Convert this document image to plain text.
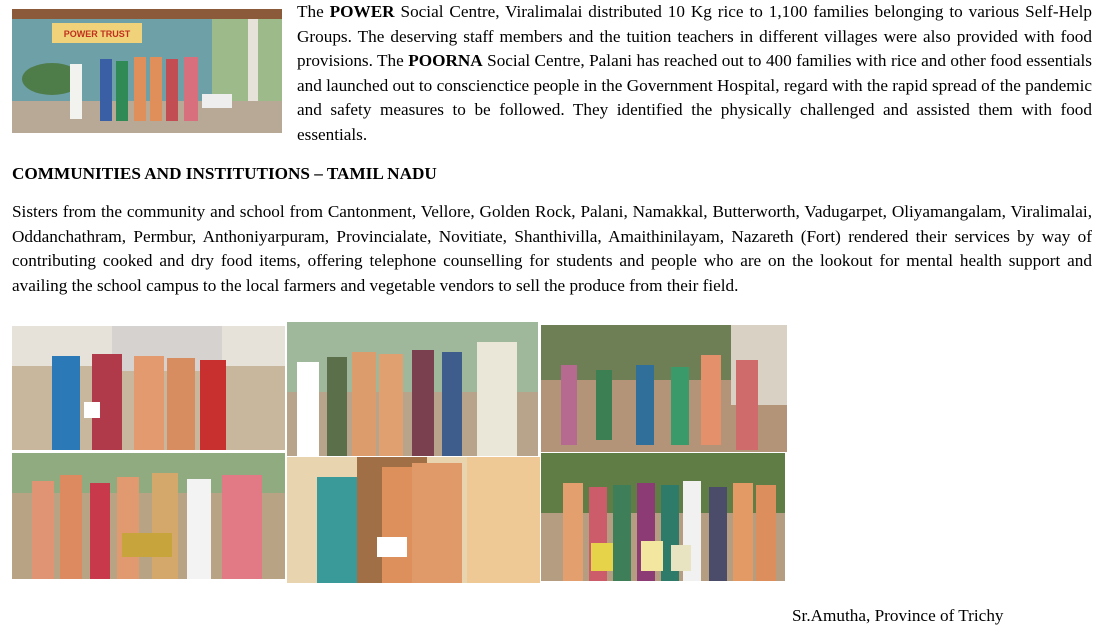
POWER TRUST

The POWER Social Centre, Viralimalai distributed 10 Kg rice to 1,100 families belonging to various Self-Help Groups. The deserving staff members and the tuition teachers in different villages were also provided with food provisions. The POORNA Social Centre, Palani has reached out to 400 families with rice and other food essentials and launched out to conscienctice people in the Government Hospital, regard with the rapid spread of the pandemic and safety measures to be followed. They identified the physically challenged and assisted them with food essentials.

COMMUNITIES AND INSTITUTIONS – TAMIL NADU

Sisters from the community and school from Cantonment, Vellore, Golden Rock, Palani, Namakkal, Butterworth, Vadugarpet, Oliyamangalam, Viralimalai, Oddanchathram, Permbur, Anthoniyarpuram, Provincialate, Novitiate, Shanthivilla, Amaithinilayam, Nazareth (Fort) rendered their services by way of contributing cooked and dry food items, offering telephone counselling for students and people who are on the lookout for mental health support and availing the school campus to the local farmers and vegetable vendors to sell the produce from their field.

Sr.Amutha, Province of Trichy
